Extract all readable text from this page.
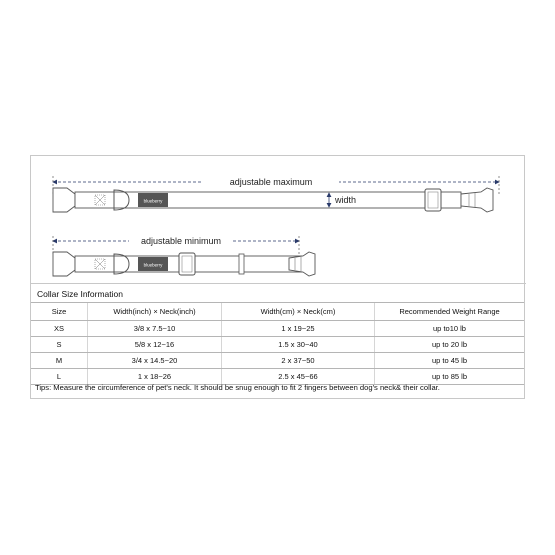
adjustable maximum
blueberry	width
adjustable minimum
blueberry
Collar Size Information
Size	Width(inch) × Neck(inch)	Width(cm) × Neck(cm)	Recommended Weight Range
XS	3/8 x 7.5~10	1 x 19~25	up to10 lb
S	5/8 x 12~16	1.5 x 30~40	up to 20 lb
M	3/4 x 14.5~20	2 x 37~50	up to 45 lb
L	1 x 18~26	2.5 x 45~66	up to 85 lb
Tips: Measure the circumference of pet's neck. It should be snug enough to fit 2 fingers between dog's neck& their collar.
